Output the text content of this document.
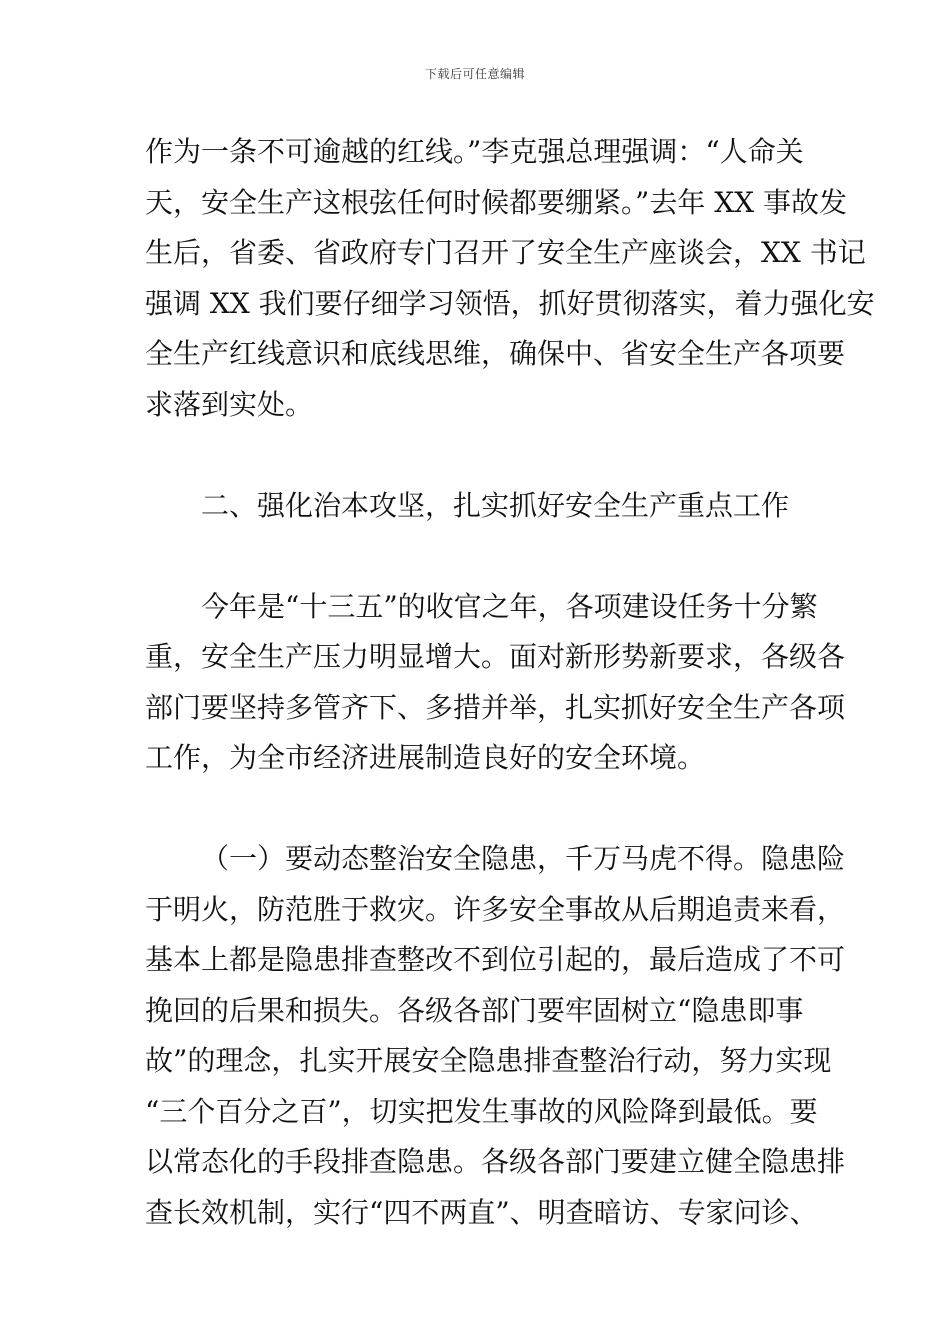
下载后可任意编辑

作为一条不可逾越的红线。”李克强总理强调：“人命关
天，安全生产这根弦任何时候都要绷紧。”去年 XX 事故发
生后，省委、省政府专门召开了安全生产座谈会，XX 书记
强调 XX 我们要仔细学习领悟，抓好贯彻落实，着力强化安
全生产红线意识和底线思维，确保中、省安全生产各项要
求落到实处。

二、强化治本攻坚，扎实抓好安全生产重点工作

今年是“十三五”的收官之年，各项建设任务十分繁
重，安全生产压力明显增大。面对新形势新要求，各级各
部门要坚持多管齐下、多措并举，扎实抓好安全生产各项
工作，为全市经济进展制造良好的安全环境。

（一）要动态整治安全隐患，千万马虎不得。隐患险
于明火，防范胜于救灾。许多安全事故从后期追责来看，
基本上都是隐患排查整改不到位引起的，最后造成了不可
挽回的后果和损失。各级各部门要牢固树立“隐患即事
故”的理念，扎实开展安全隐患排查整治行动，努力实现
“三个百分之百”，切实把发生事故的风险降到最低。要
以常态化的手段排查隐患。各级各部门要建立健全隐患排
查长效机制，实行“四不两直”、明查暗访、专家问诊、
